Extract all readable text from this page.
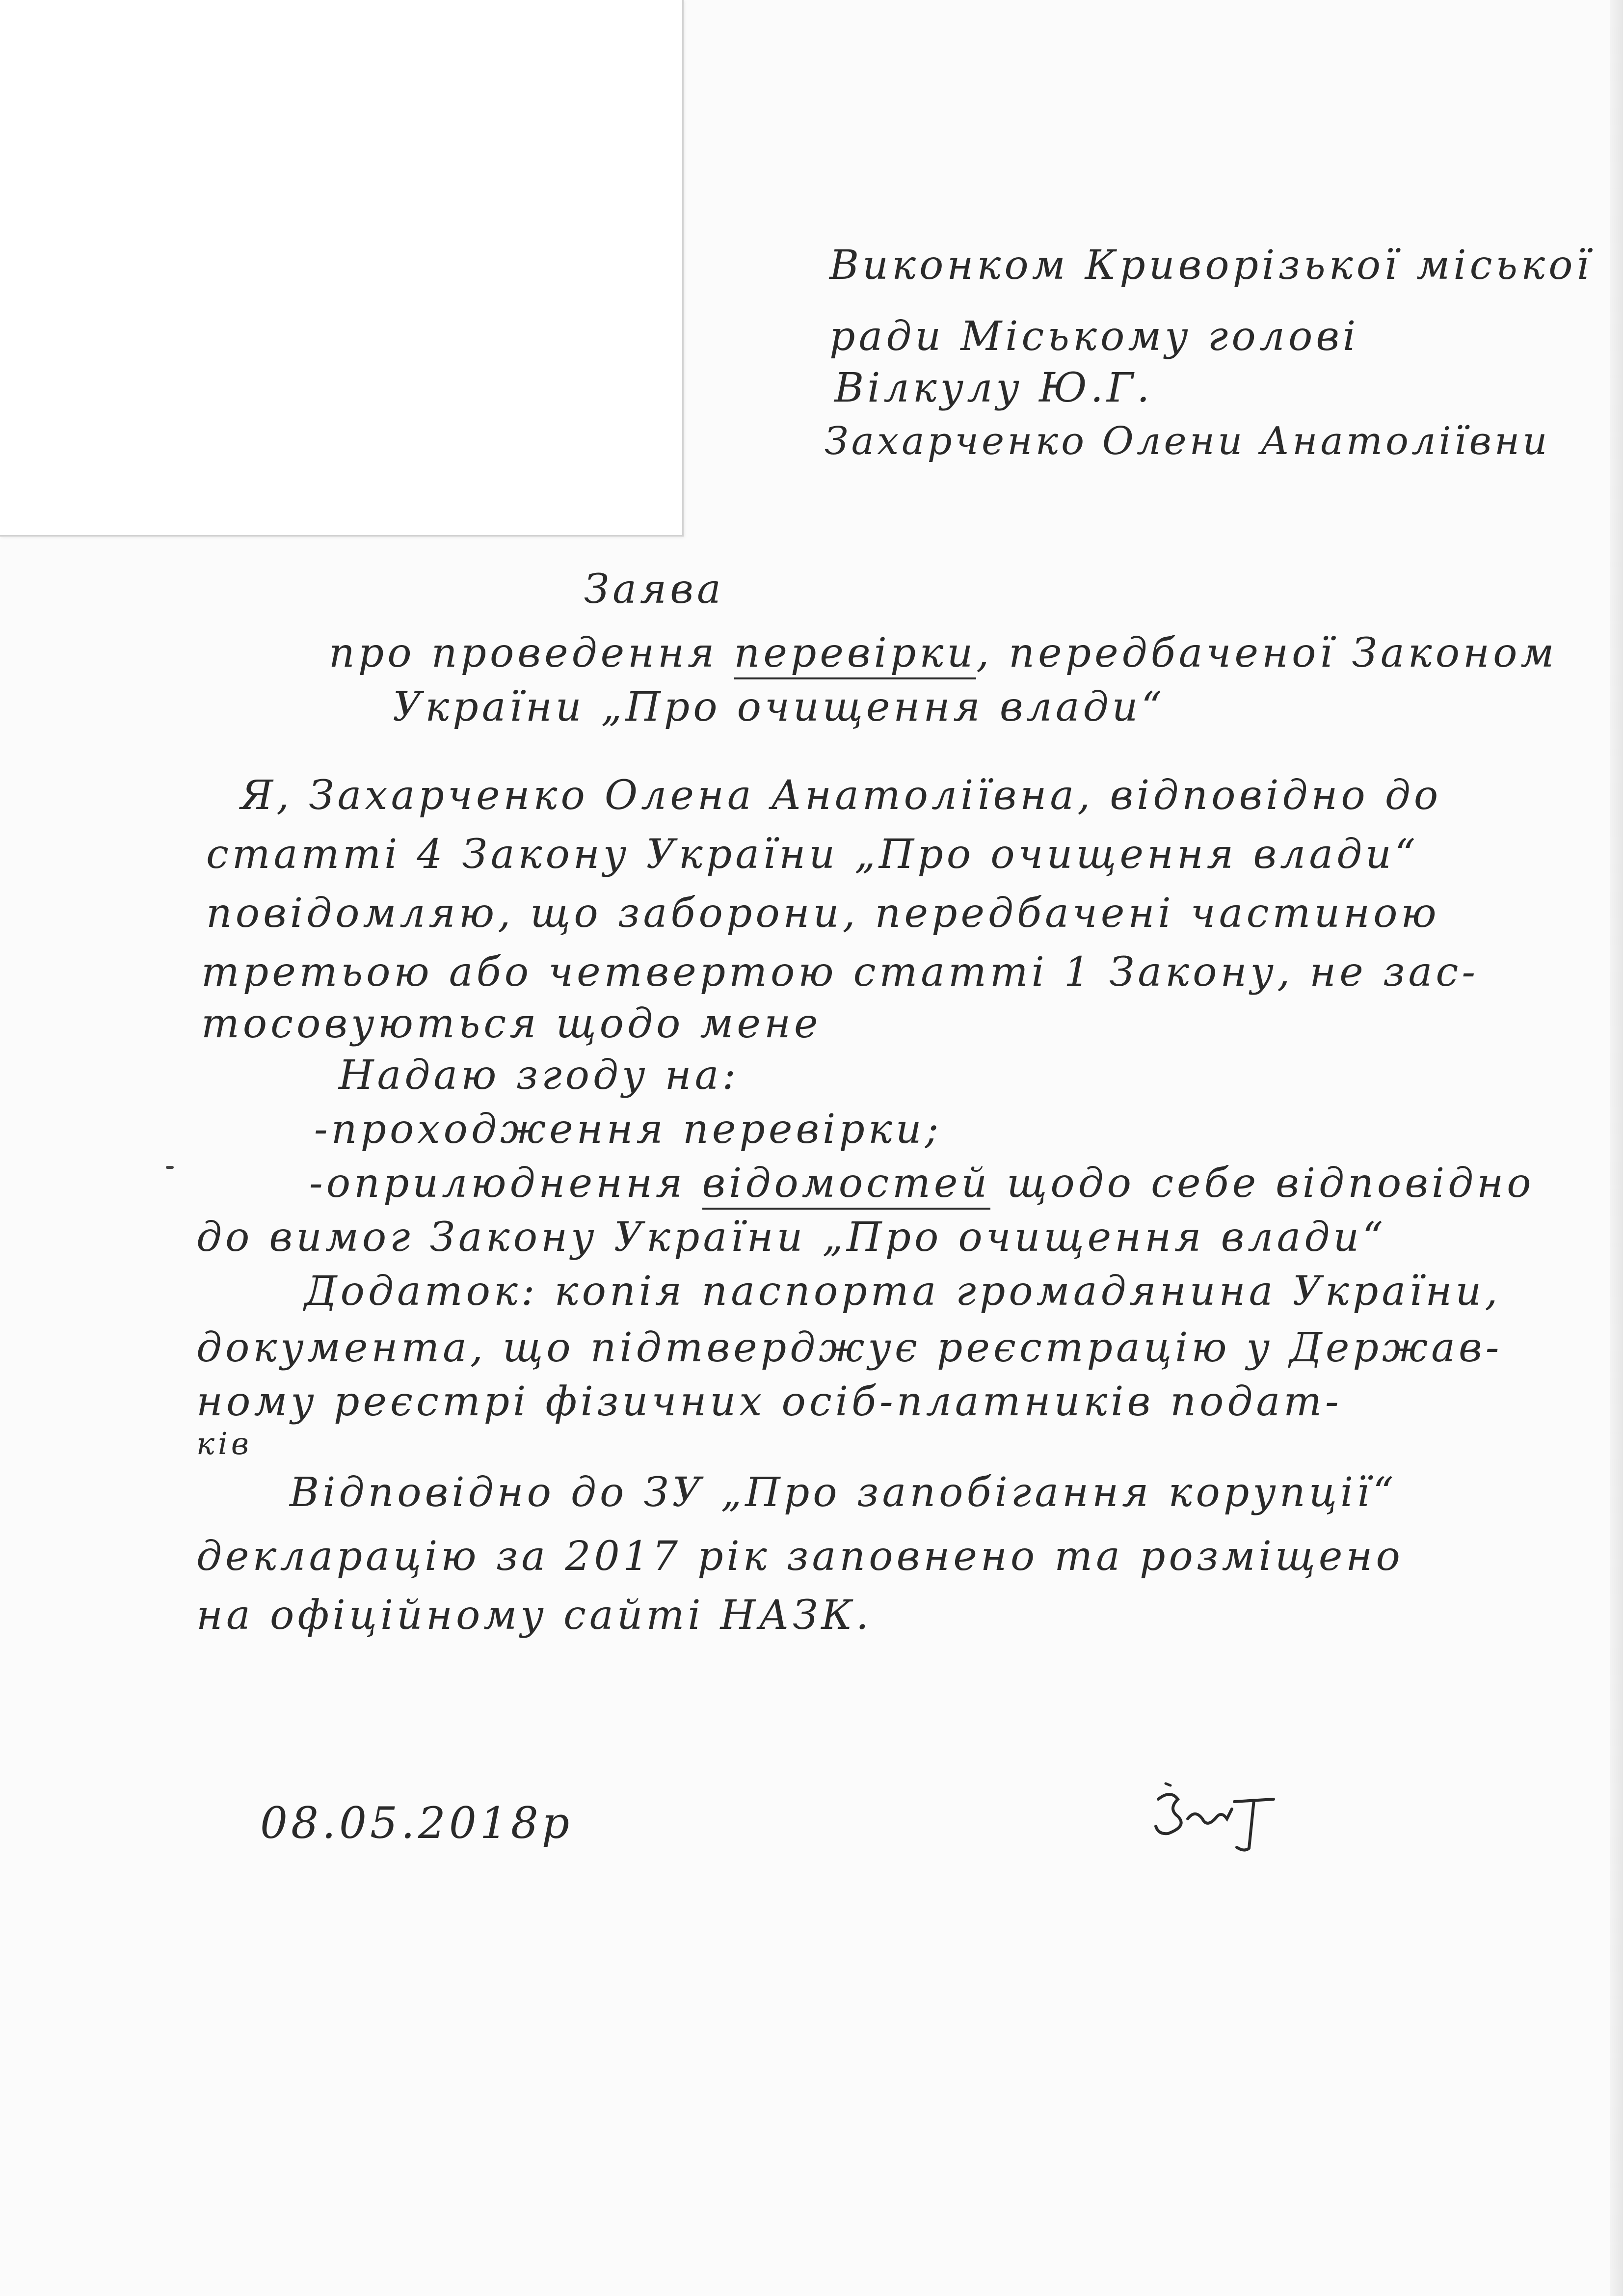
Виконком Криворізької міської
ради Міському голові
Вілкулу Ю.Г.
Захарченко Олени Анатоліївни
Заява
про проведення перевірки, передбаченої Законом
України „Про очищення влади“
Я, Захарченко Олена Анатоліївна, відповідно до
статті 4 Закону України „Про очищення влади“
повідомляю, що заборони, передбачені частиною
третьою або четвертою статті 1 Закону, не зас-
тосовуються щодо мене
Надаю згоду на:
-проходження перевірки;
-оприлюднення відомостей щодо себе відповідно
до вимог Закону України „Про очищення влади“
Додаток: копія паспорта громадянина України,
документа, що підтверджує реєстрацію у Держав-
ному реєстрі фізичних осіб-платників подат-
ків
Відповідно до ЗУ „Про запобігання корупції“
декларацію за 2017 рік заповнено та розміщено
на офіційному сайті НАЗК.
08.05.2018р
